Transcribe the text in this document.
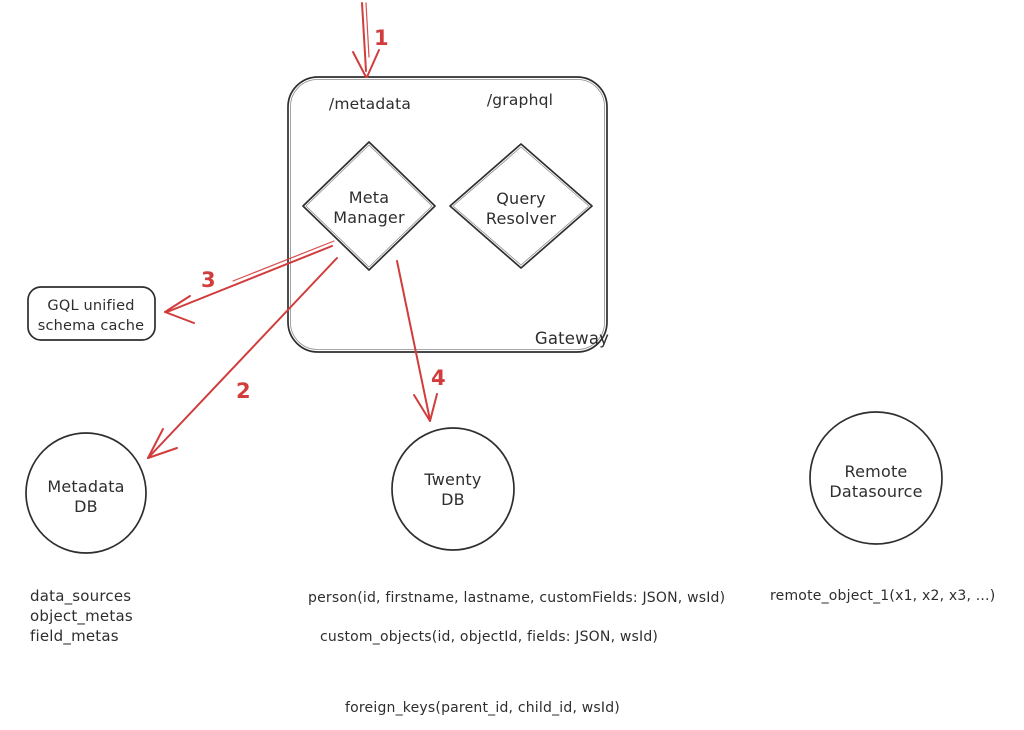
/metadata	/graphql
Gateway
Meta
Manager
Query
Resolver
GQL unified
schema cache
Metadata
DB
Twenty
DB
Remote
Datasource
1
2
3
4
data_sources
object_metas
field_metas
person(id, firstname, lastname, customFields: JSON, wsId)
custom_objects(id, objectId, fields: JSON, wsId)
foreign_keys(parent_id, child_id, wsId)
remote_object_1(x1, x2, x3, ...)
